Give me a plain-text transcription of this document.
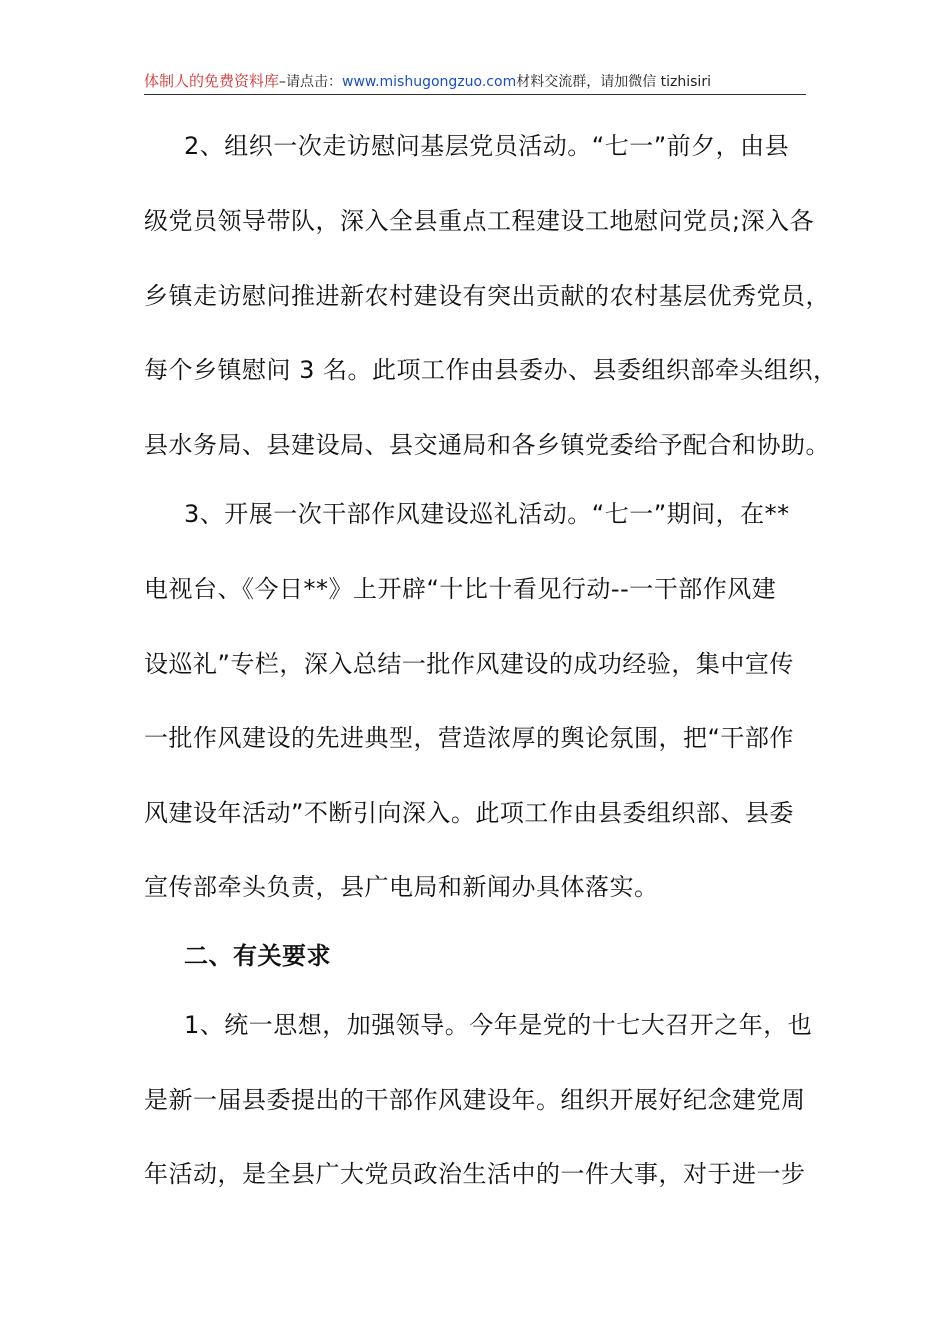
体制人的免费资料库–请点击：www.mishugongzuo.com材料交流群，请加微信 tizhisiri
2、组织一次走访慰问基层党员活动。“七一”前夕，由县
级党员领导带队，深入全县重点工程建设工地慰问党员;深入各
乡镇走访慰问推进新农村建设有突出贡献的农村基层优秀党员，
每个乡镇慰问 3 名。此项工作由县委办、县委组织部牵头组织，
县水务局、县建设局、县交通局和各乡镇党委给予配合和协助。
3、开展一次干部作风建设巡礼活动。“七一”期间，在**
电视台、《今日**》上开辟“十比十看见行动--一干部作风建
设巡礼”专栏，深入总结一批作风建设的成功经验，集中宣传
一批作风建设的先进典型，营造浓厚的舆论氛围，把“干部作
风建设年活动”不断引向深入。此项工作由县委组织部、县委
宣传部牵头负责，县广电局和新闻办具体落实。
二、有关要求
1、统一思想，加强领导。今年是党的十七大召开之年，也
是新一届县委提出的干部作风建设年。组织开展好纪念建党周
年活动，是全县广大党员政治生活中的一件大事，对于进一步
